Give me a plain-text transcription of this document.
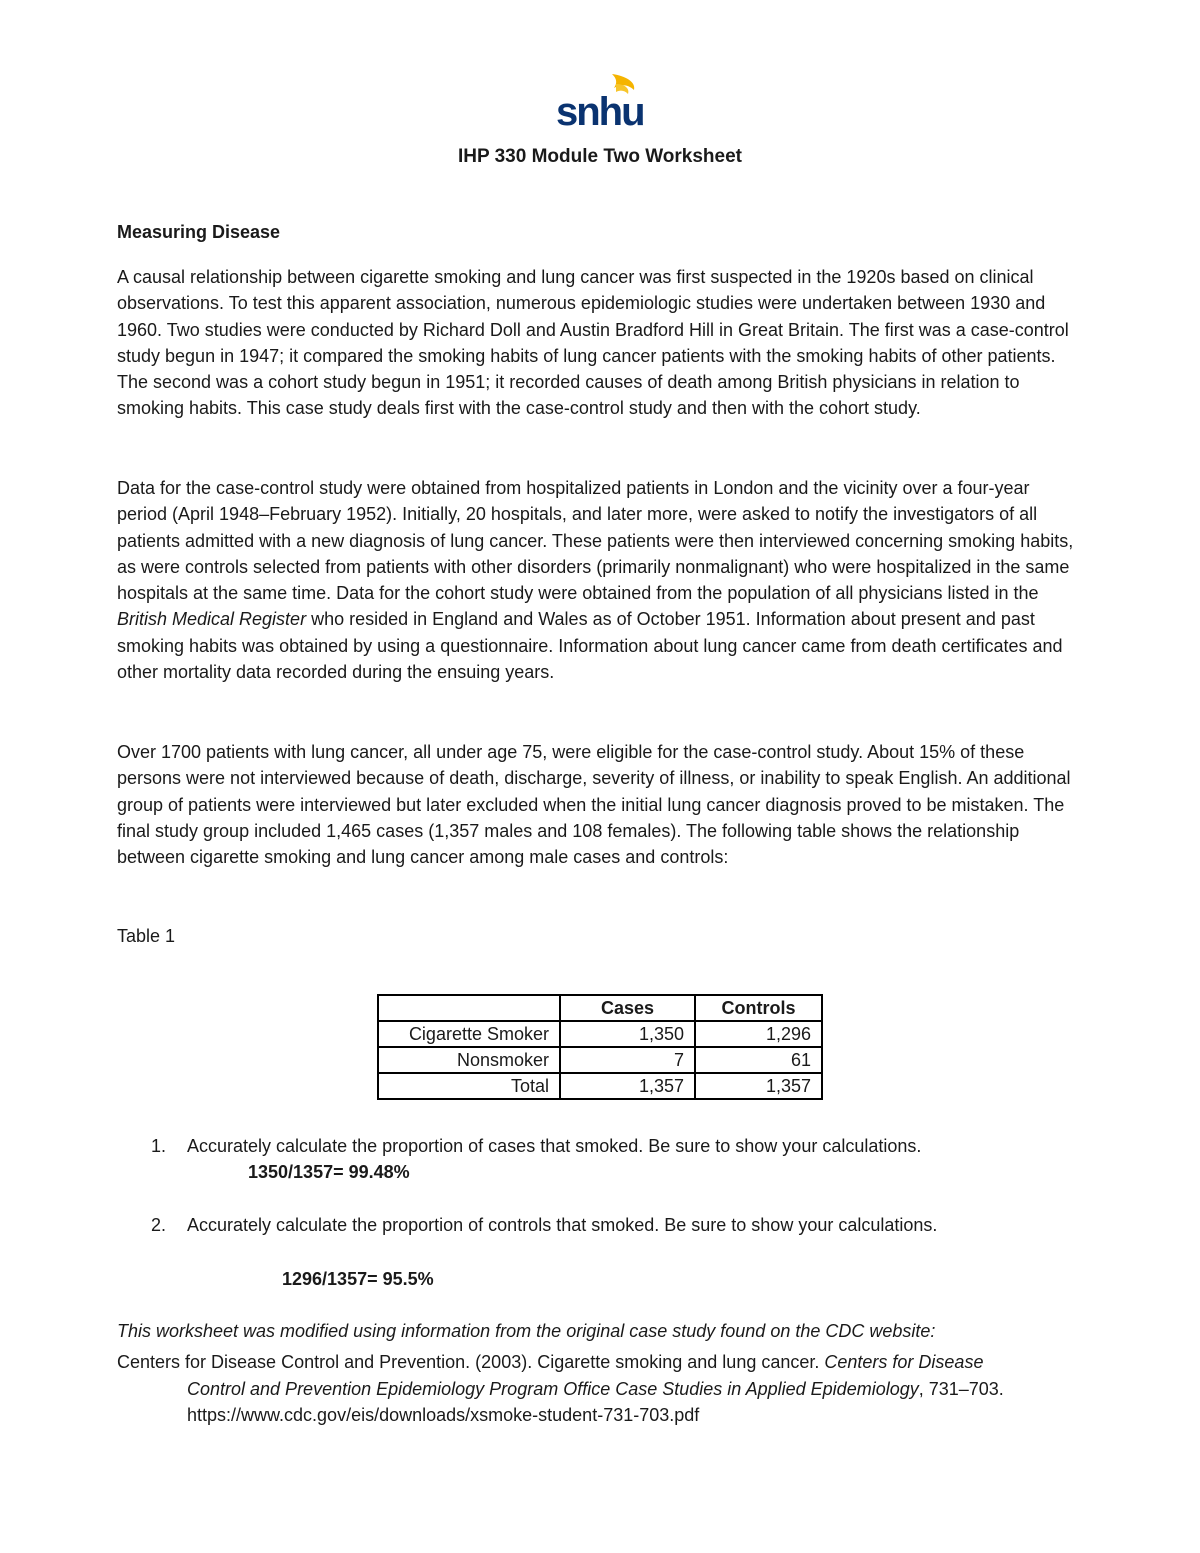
snhu
IHP 330 Module Two Worksheet
Measuring Disease

A causal relationship between cigarette smoking and lung cancer was first suspected in the 1920s based on clinical observations. To test this apparent association, numerous epidemiologic studies were undertaken between 1930 and 1960. Two studies were conducted by Richard Doll and Austin Bradford Hill in Great Britain. The first was a case-control study begun in 1947; it compared the smoking habits of lung cancer patients with the smoking habits of other patients. The second was a cohort study begun in 1951; it recorded causes of death among British physicians in relation to smoking habits. This case study deals first with the case-control study and then with the cohort study.

Data for the case-control study were obtained from hospitalized patients in London and the vicinity over a four-year period (April 1948–February 1952). Initially, 20 hospitals, and later more, were asked to notify the investigators of all patients admitted with a new diagnosis of lung cancer. These patients were then interviewed concerning smoking habits, as were controls selected from patients with other disorders (primarily nonmalignant) who were hospitalized in the same hospitals at the same time. Data for the cohort study were obtained from the population of all physicians listed in the British Medical Register who resided in England and Wales as of October 1951. Information about present and past smoking habits was obtained by using a questionnaire. Information about lung cancer came from death certificates and other mortality data recorded during the ensuing years.

Over 1700 patients with lung cancer, all under age 75, were eligible for the case-control study. About 15% of these persons were not interviewed because of death, discharge, severity of illness, or inability to speak English. An additional group of patients were interviewed but later excluded when the initial lung cancer diagnosis proved to be mistaken. The final study group included 1,465 cases (1,357 males and 108 females). The following table shows the relationship between cigarette smoking and lung cancer among male cases and controls:

Table 1
	Cases	Controls
Cigarette Smoker	1,350	1,296
Nonsmoker	7	61
Total	1,357	1,357
1. Accurately calculate the proportion of cases that smoked. Be sure to show your calculations.
1350/1357= 99.48%
2. Accurately calculate the proportion of controls that smoked. Be sure to show your calculations.
1296/1357= 95.5%
This worksheet was modified using information from the original case study found on the CDC website:
Centers for Disease Control and Prevention. (2003). Cigarette smoking and lung cancer. Centers for Disease
Control and Prevention Epidemiology Program Office Case Studies in Applied Epidemiology, 731–703.
https://www.cdc.gov/eis/downloads/xsmoke-student-731-703.pdf
